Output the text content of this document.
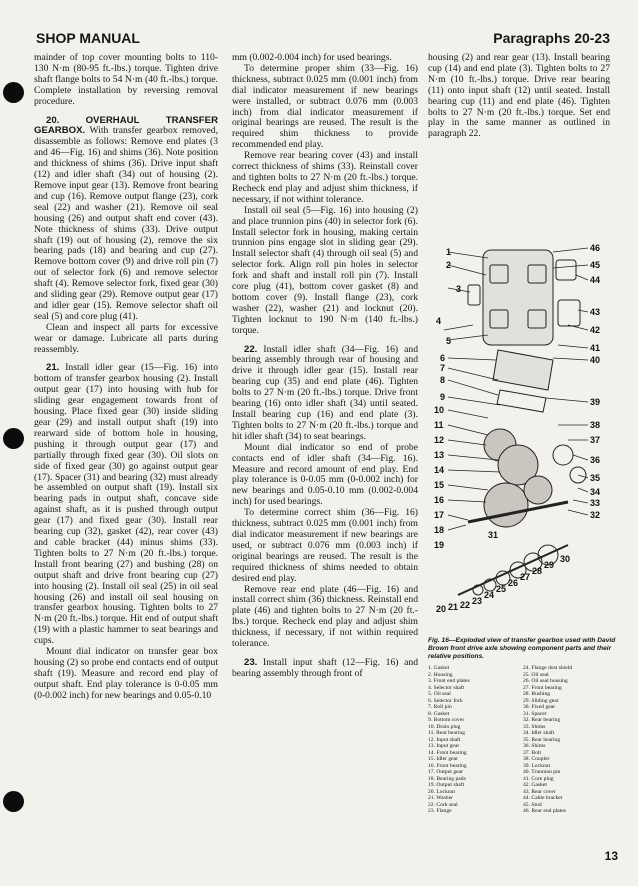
SHOP MANUAL	Paragraphs 20-23

mainder of top cover mounting bolts to 110-130 N·m (80-95 ft.-lbs.) torque. Tighten drive shaft flange bolts to 54 N·m (40 ft.-lbs.) torque. Complete installation by reversing removal procedure.

20.	OVERHAUL TRANSFER GEARBOX. With transfer gearbox removed, disassemble as follows: Remove end plates (3 and 46—Fig. 16) and shims (36). Note position and thickness of shims (36). Drive input shaft (12) and idler shaft (34) out of housing (2). Remove input gear (13). Remove front bearing and cup (16). Remove output flange (23), cork seal (22) and washer (21). Remove oil seal housing (26) and output shaft end cover (43). Note thickness of shims (33). Drive output shaft (19) out of housing (2), remove the six bearing pads (18) and bearing and cup (27). Remove bottom cover (9) and drive roll pin (7) out of selector fork (6) and remove selector shaft (4). Remove selector fork, fixed gear (30) and sliding gear (29). Remove output gear (17) and idler gear (15). Remove selector shaft oil seal (5) and core plug (41).

Clean and inspect all parts for excessive wear or damage. Lubricate all parts during reassembly.

21. Install idler gear (15—Fig. 16) into bottom of transfer gearbox housing (2). Install output gear (17) into housing with hub for sliding gear engagement towards front of housing. Place fixed gear (30) inside sliding gear (29) and install output shaft (19) into rearward side of bottom hole in housing, pushing it through output gear (17) and partially through fixed gear (30). Oil slots on side of fixed gear (30) go against output gear (17). Spacer (31) and bearing (32) must already be assembled on output shaft (19). Install six bearing pads in output shaft, concave side against shaft, as it is pushed through output gear (17) and fixed gear (30). Install rear bearing cup (32), gasket (42), rear cover (43) and cable bracket (44) minus shims (33). Tighten bolts to 27 N·m (20 ft.-lbs.) torque. Install front bearing (27) and bushing (28) on output shaft and drive front bearing cup (27) into housing (2). Install oil seal (25) in oil seal housing (26) and install oil seal housing on transfer gearbox housing. Tighten bolts to 27 N·m (20 ft.-lbs.) torque. Hit end of output shaft (19) with a plastic hammer to seat bearings and cups.

Mount dial indicator on transfer gear box housing (2) so probe end contacts end of output shaft (19). Measure and record end play of output shaft. End play tolerance is 0-0.05 mm (0-0.002 inch) for new bearings and 0.05-0.10

mm (0.002-0.004 inch) for used bearings.

To determine proper shim (33—Fig. 16) thickness, subtract 0.025 mm (0.001 inch) from dial indicator measurement if new bearings were installed, or subtract 0.076 mm (0.003 inch) from dial indicator measurement if original bearings are reused. The result is the required shim thickness to provide recommended end play.

Remove rear bearing cover (43) and install correct thickness of shims (33). Reinstall cover and tighten bolts to 27 N·m (20 ft.-lbs.) torque. Recheck end play and adjust shim thickness, if necessary, if not withint tolerance.

Install oil seal (5—Fig. 16) into housing (2) and place trunnion pins (40) in selector fork (6). Install selector fork in housing, making certain trunnion pins engage slot in sliding gear (29). Install selector shaft (4) through oil seal (5) and selector fork. Align roll pin holes in selector fork and shaft and install roll pin (7). Install core plug (41), bottom cover gasket (8) and bottom cover (9). Install flange (23), cork washer (22), washer (21) and locknut (20). Tighten locknut to 190 N·m (140 ft.-lbs.) torque.

22. Install idler shaft (34—Fig. 16) and bearing assembly through rear of housing and drive it through idler gear (15). Install rear bearing cup (35) and end plate (46). Tighten bolts to 27 N·m (20 ft.-lbs.) torque. Drive front bearing (16) onto idler shaft (34) until seated. Install bearing cup (16) and end plate (3). Tighten bolts to 27 N·m (20 ft.-lbs.) torque and hit idler shaft (34) to seat bearings.

Mount dial indicator so end of probe contacts end of idler shaft (34—Fig. 16). Measure and record amount of end play. End play tolerance is 0-0.05 mm (0-0.002 inch) for new bearings and 0.05-0.10 mm (0.002-0.004 inch) for used bearings.

To determine correct shim (36—Fig. 16) thickness, subtract 0.025 mm (0.001 inch) from dial indicator measurement if new bearings are used, or subtract 0.076 mm (0.003 inch) if original bearings are reused. The result is the required thickness of shims needed to obtain desired end play.

Remove rear end plate (46—Fig. 16) and install correct shim (36) thickness. Reinstall end plate (46) and tighten bolts to 27 N·m (20 ft.-lbs.) torque. Recheck end play and adjust shim thickness, if necessary, if not within required tolerance.

23. Install input shaft (12—Fig. 16) and bearing assembly through front of

housing (2) and rear gear (13). Install bearing cup (14) and end plate (3). Tighten bolts to 27 N·m (10 ft.-lbs.) torque. Drive rear bearing (11) onto input shaft (12) until seated. Install bearing cup (11) and end plate (46). Tighten bolts to 27 N·m (20 ft.-lbs.) torque. Set end play in the same manner as outlined in paragraph 22.

1
2
3
4
5
6
7
8
9
10
11
12
13
14
15
16
17
18
46
45
44
43
42
41
40
39
38
37
36
35
34
33
32
19
20 21 22 23
24
25
26
27
28
29
30
31
Fig. 16—Exploded view of transfer gearbox used with David Brown front drive axle showing component parts and their relative positions.
1. Gasket
2. Housing
3. Front end plates
4. Selector shaft
5. Oil seal
6. Selector fork
7. Roll pin
8. Gasket
9. Bottom cover
10. Drain plug
11. Rear bearing
12. Input shaft
13. Input gear
14. Front bearing
15. Idler gear
16. Front bearing
17. Output gear
18. Bearing pads
19. Output shaft
20. Locknut
21. Washer
22. Cork seal
23. Flange
24. Flange dust shield
25. Oil seal
26. Oil seal housing
27. Front bearing
28. Bushing
29. Sliding gear
30. Fixed gear
31. Spacer
32. Rear bearing
33. Shims
34. Idler shaft
35. Rear bearing
36. Shims
37. Bolt
38. Coupler
39. Locknut
40. Trunnion pin
41. Core plug
42. Gasket
43. Rear cover
44. Cable bracket
45. Stud
46. Rear end plates
13
